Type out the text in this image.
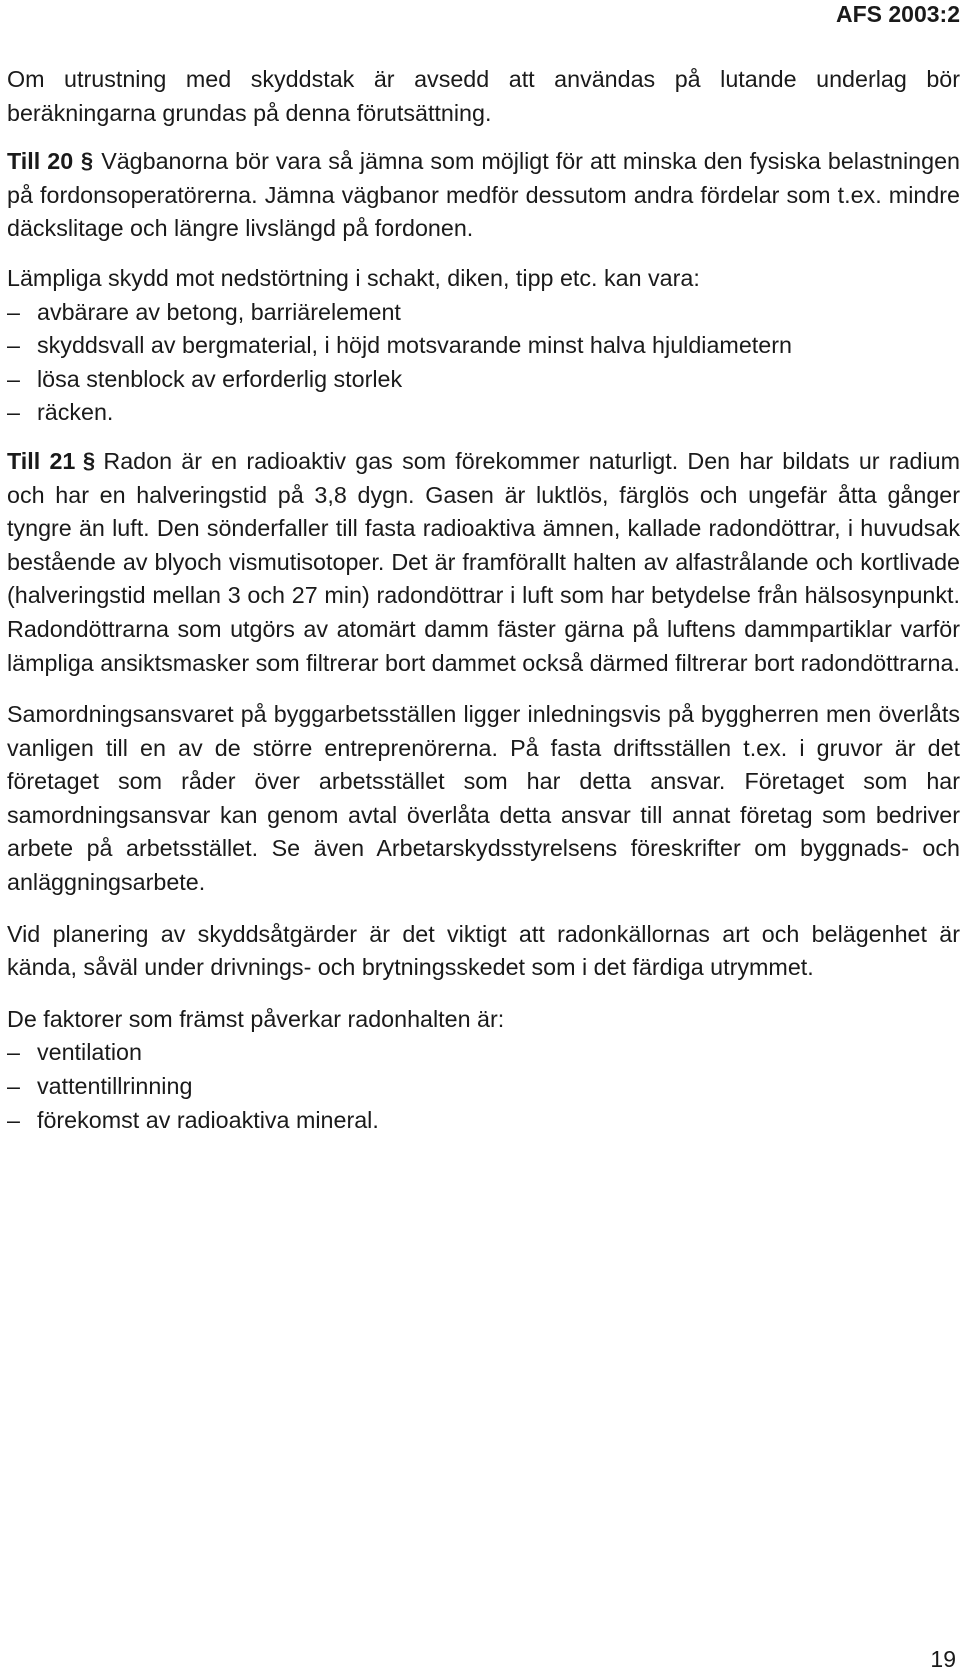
AFS 2003:2

Om utrustning med skyddstak är avsedd att användas på lutande underlag bör beräkningarna grundas på denna förutsättning.

Till 20 § Vägbanorna bör vara så jämna som möjligt för att minska den fysiska belastningen på fordonsoperatörerna. Jämna vägbanor medför dessutom andra fördelar som t.ex. mindre däckslitage och längre livslängd på fordonen.

Lämpliga skydd mot nedstörtning i schakt, diken, tipp etc. kan vara:

– avbärare av betong, barriärelement
– skyddsvall av bergmaterial, i höjd motsvarande minst halva hjuldiametern
– lösa stenblock av erforderlig storlek
– räcken.

Till 21 § Radon är en radioaktiv gas som förekommer naturligt. Den har bildats ur radium och har en halveringstid på 3,8 dygn. Gasen är luktlös, färglös och ungefär åtta gånger tyngre än luft. Den sönderfaller till fasta radioaktiva ämnen, kallade radondöttrar, i huvudsak bestående av blyoch vismutisotoper. Det är framförallt halten av alfastrålande och kortlivade (halveringstid mellan 3 och 27 min) radondöttrar i luft som har betydelse från hälsosynpunkt. Radondöttrarna som utgörs av atomärt damm fäster gärna på luftens dammpartiklar varför lämpliga ansiktsmasker som filtrerar bort dammet också därmed filtrerar bort radondöttrarna.

Samordningsansvaret på byggarbetsställen ligger inledningsvis på byggherren men överlåts vanligen till en av de större entreprenörerna. På fasta driftsställen t.ex. i gruvor är det företaget som råder över arbetsstället som har detta ansvar. Företaget som har samordningsansvar kan genom avtal överlåta detta ansvar till annat företag som bedriver arbete på arbetsstället. Se även Arbetarskydsstyrelsens föreskrifter om byggnads- och anläggningsarbete.

Vid planering av skyddsåtgärder är det viktigt att radonkällornas art och belägenhet är kända, såväl under drivnings- och brytningsskedet som i det färdiga utrymmet.

De faktorer som främst påverkar radonhalten är:

– ventilation
– vattentillrinning
– förekomst av radioaktiva mineral.
19
